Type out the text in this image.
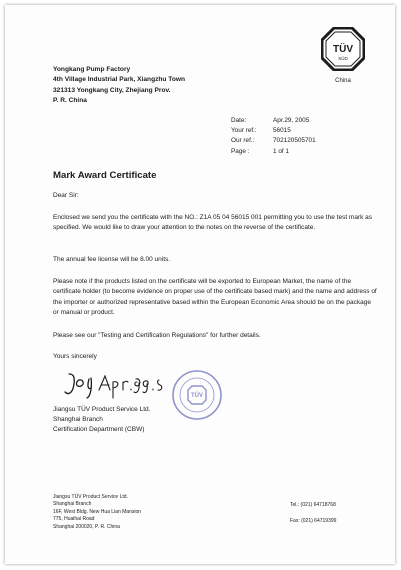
Yongkang Pump Factory
4th Village Industrial Park, Xiangzhu Town
321313 Yongkang City, Zhejiang Prov.
P. R. China
TÜV
SÜD
China
Date:	Apr.29, 2005
Your ref.:	56015
Our ref.:	702120505701
Page :	1 of 1
Mark Award Certificate
Dear Sir:
Enclosed we send you the certificate with the NO.: Z1A 05 04 56015 001 permitting you to use the test mark as specified. We would like to draw your attention to the notes on the reverse of the certificate.
The annual fee license will be 8.00 units.
Please note if the products listed on the certificate will be exported to European Market, the name of the certificate holder (to become evidence on proper use of the certificate based mark) and the name and address of the importer or authorized representative based within the European Economic Area should be on the package or manual or product.
Please see our "Testing and Certification Regulations" for further details.
Yours sincerely
TÜV
Jiangsu TÜV Product Service Ltd.
Shanghai Branch
Certification Department (CBW)
Jiangsu TÜV Product Service Ltd.
Shanghai Branch
16F, West Bldg. New Hua Lian Mansion
775, Huaihai Road
Shanghai 200020, P. R. China
Tel.: (021) 64718768
Fax: (021) 64719399
